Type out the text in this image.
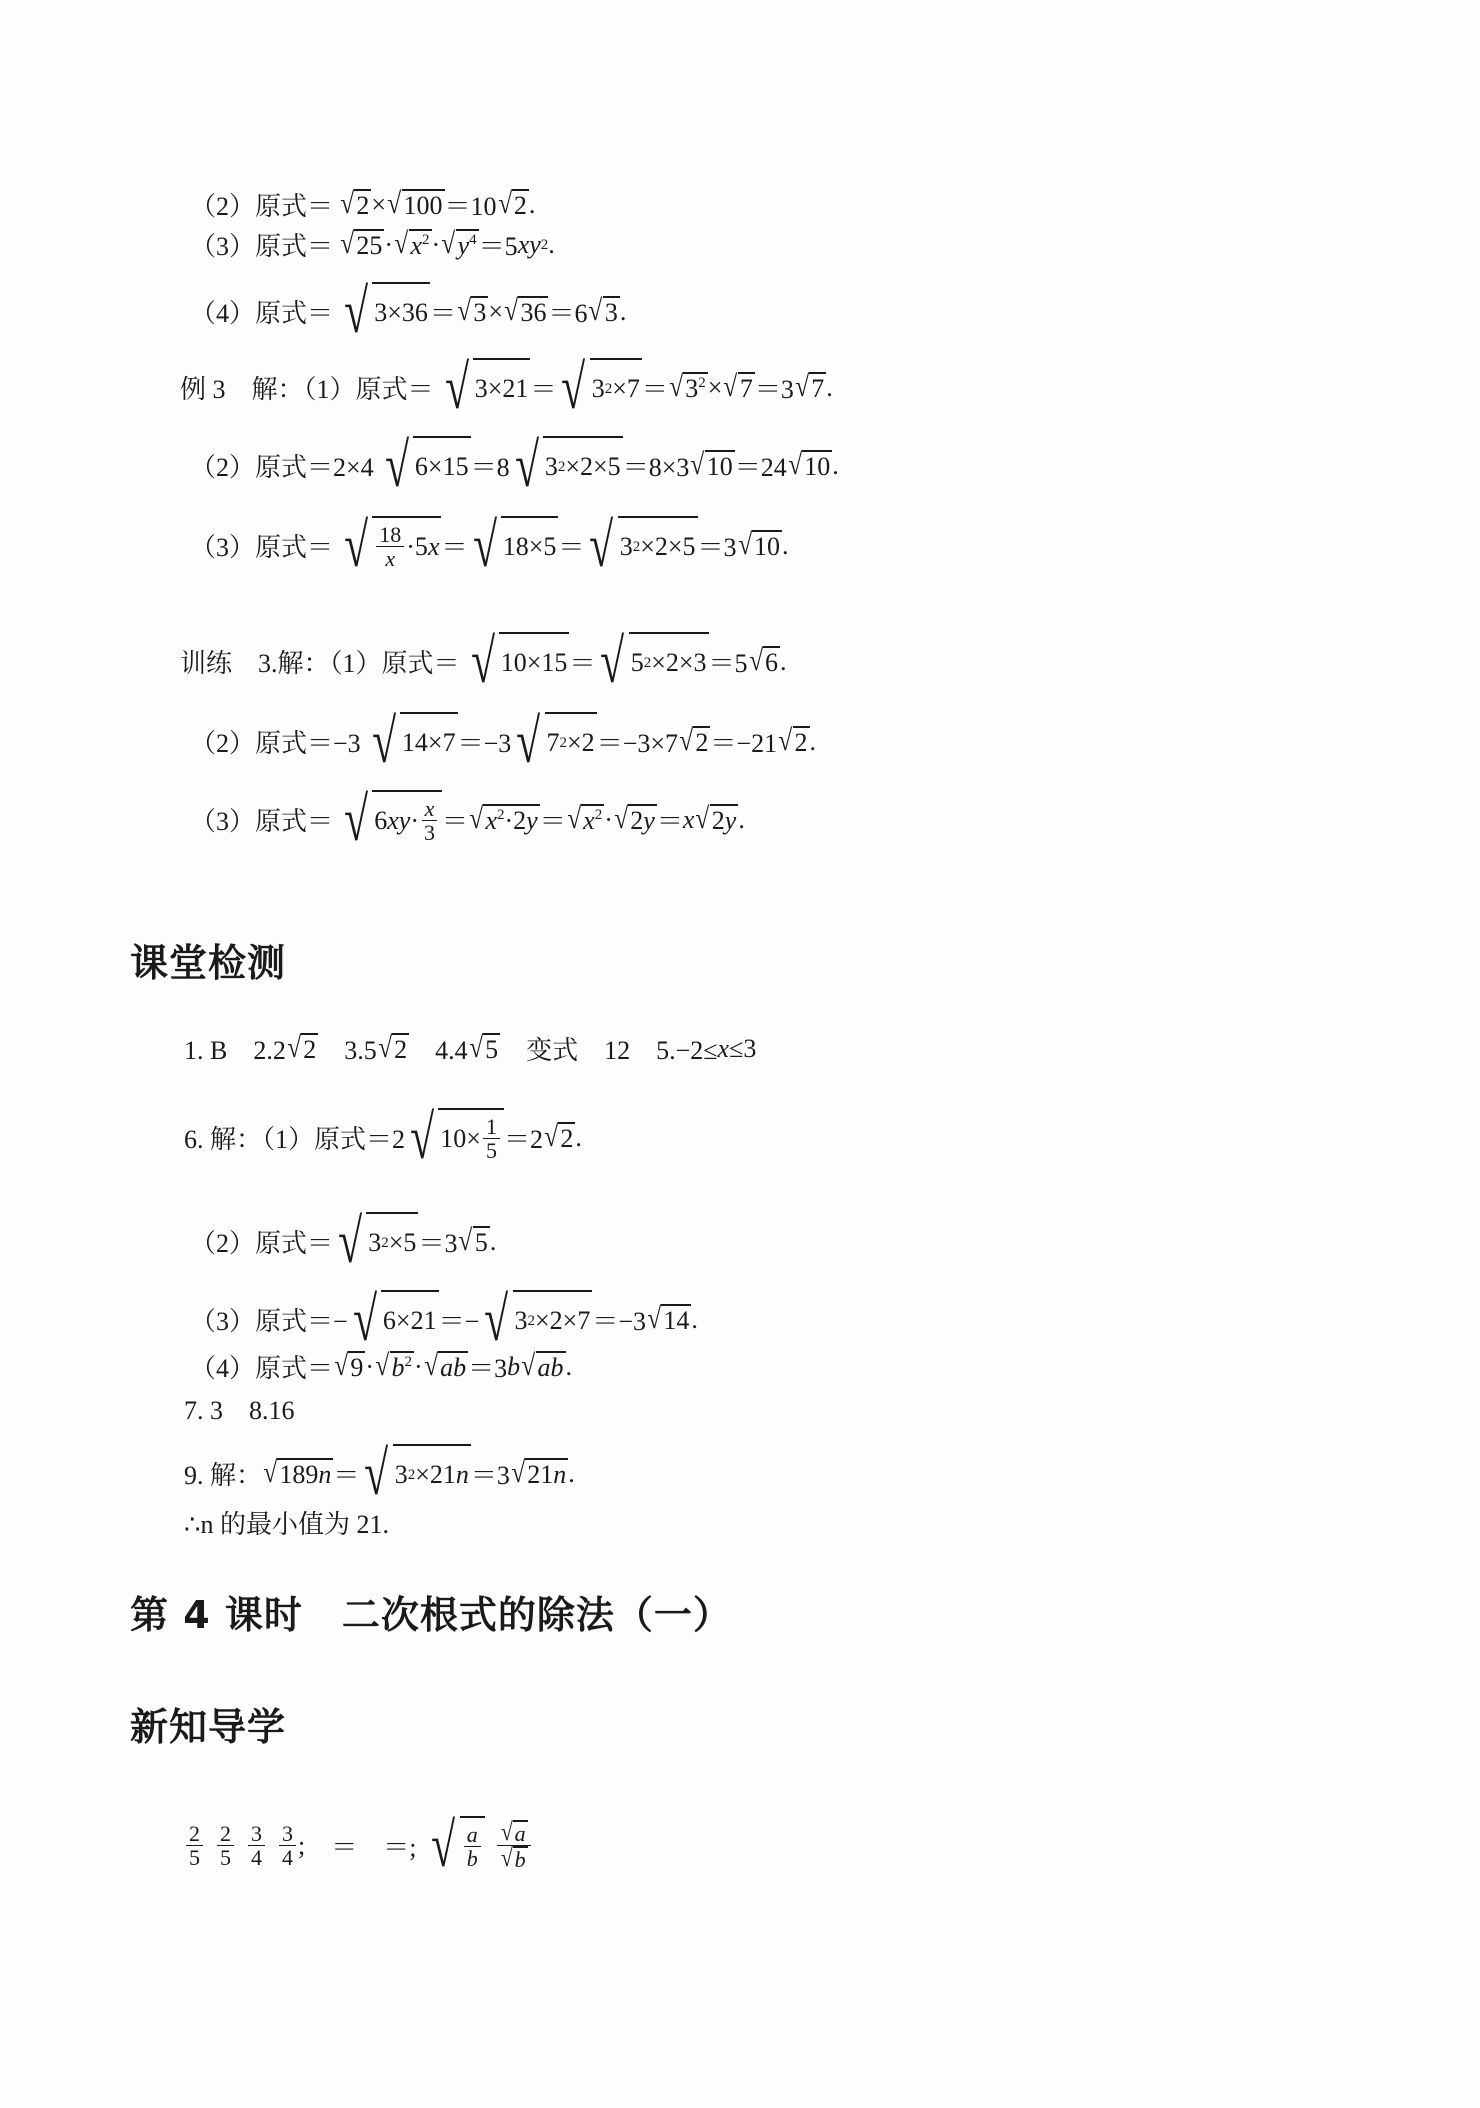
（2）原式＝ √ 2 × √ 100 ＝10 √ 2 .
（3）原式＝ √ 25 · √ $x^2$ · √ $y^4 =5$ xy 2 .
（4）原式＝ √ 3×36 ＝ √ 3 × √ 36 ＝6 √ 3 .
例 3　解：（1）原式＝ √ 3×21 ＝ √ 3 2 ×7 ＝ √ $3^2$ × √ 7 ＝3 √ 7 .
（2）原式＝2×4 √ 6×15 ＝8 √ 3 2 ×2×5 ＝8×3 √ 10 ＝24 √ 10 .
（3）原式＝ √ $\frac{18}{x} \cdot 5$ x ＝ √ 18×5 ＝ √ 3 2 ×2×5 ＝3 √ 10 .
训练　3.解：（1）原式＝ √ 10×15 ＝ √ 5 2 ×2×3 ＝5 √ 6 .
（2）原式＝−3 √ 14×7 ＝−3 √ 7 2 ×2 ＝−3×7 √ 2 ＝−21 √ 2 .
（3）原式＝ √ 6 xy · $\frac{x}{3}$ ＝ √ $x^2\cdot 2y$ ＝ √ $x^2$ · √ 2y ＝ x √ 2y .
课堂检测
1. B　2.2 √ 2 　3.5 √ 2 　4.4 √ 5 　变式　12　5.−2≤ x ≤3
6. 解：（1）原式＝2 √ $10\times \frac{1}{5} =2$ √ 2 .
（2）原式＝ √ 3 2 ×5 ＝3 √ 5 .
（3）原式＝− √ 6×21 ＝− √ 3 2 ×2×7 ＝−3 √ 14 .
（4）原式＝ √ 9 · √ $b^2$ · √ ab ＝3 b √ ab .
7. 3　8.16
9. 解： √ 189n ＝ √ 3 2 ×21 n ＝3 √ 21n .
∴n 的最小值为 21.
第 4 课时　二次根式的除法（一）
新知导学
$\frac{2}{5} \frac{2}{5} \frac{3}{4} \frac{3}{4}$ ; ＝ ＝; √ $\frac{a}{b} \frac{√ a}{√ b}$
